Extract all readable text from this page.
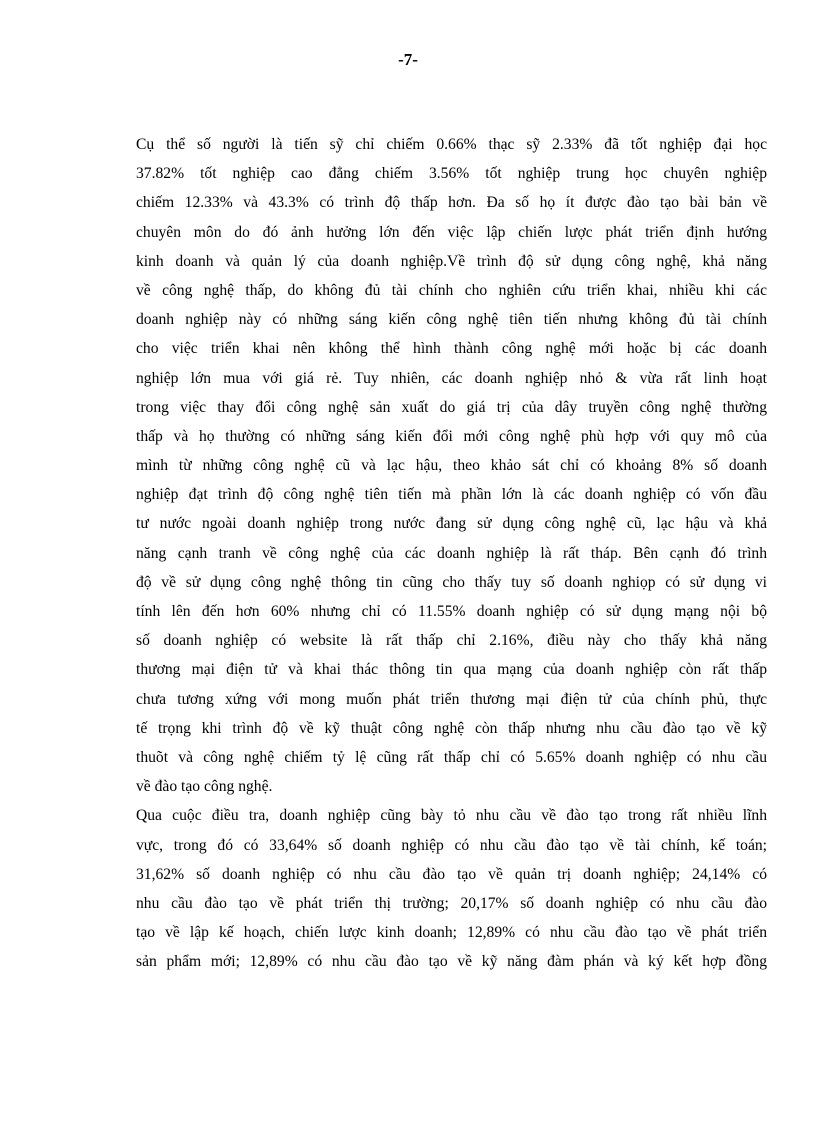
-7-
Cụ thể số người là tiến sỹ chỉ chiếm 0.66% thạc sỹ 2.33% đã tốt nghiệp đại học
37.82% tốt nghiệp cao đẳng chiếm 3.56% tốt nghiệp trung học chuyên nghiệp
chiếm 12.33% và 43.3% có trình độ thấp hơn. Đa số họ ít được đào tạo bài bản về
chuyên môn do đó ảnh hưởng lớn đến việc lập chiến lược phát triển định hướng
kinh doanh và quản lý của doanh nghiệp.Về trình độ sử dụng công nghệ, khả năng
về công nghệ thấp, do không đủ tài chính cho nghiên cứu triển khai, nhiều khi các
doanh nghiệp này có những sáng kiến công nghệ tiên tiến nhưng không đủ tài chính
cho việc triển khai nên không thể hình thành công nghệ mới hoặc bị các doanh
nghiệp lớn mua với giá rẻ. Tuy nhiên, các doanh nghiệp nhỏ & vừa rất linh hoạt
trong việc thay đổi công nghệ sản xuất do giá trị của dây truyền công nghệ thường
thấp và họ thường có những sáng kiến đổi mới công nghệ phù hợp với quy mô của
mình từ những công nghệ cũ và lạc hậu, theo khảo sát chỉ có khoảng 8% số doanh
nghiệp đạt trình độ công nghệ tiên tiến mà phần lớn là các doanh nghiệp có vốn đầu
tư nước ngoài doanh nghiệp trong nước đang sử dụng công nghệ cũ, lạc hậu và khả
năng cạnh tranh về công nghệ của các doanh nghiệp là rất tháp. Bên cạnh đó trình
độ về sử dụng công nghệ thông tin cũng cho thấy tuy số doanh nghiọp có sử dụng vi
tính lên đến hơn 60% nhưng chỉ có 11.55% doanh nghiệp có sử dụng mạng nội bộ
số doanh nghiệp có website là rất thấp chỉ 2.16%, điều này cho thấy khả năng
thương mại điện tử và khai thác thông tin qua mạng của doanh nghiệp còn rất thấp
chưa tương xứng với mong muốn phát triển thương mại điện tử của chính phủ, thực
tế trọng khi trình độ về kỹ thuật công nghệ còn thấp nhưng nhu cầu đào tạo về kỹ
thuõt và công nghệ chiếm tỷ lệ cũng rất thấp chỉ có 5.65% doanh nghiệp có nhu cầu
về đào tạo công nghệ.
Qua cuộc điều tra, doanh nghiệp cũng bày tỏ nhu cầu về đào tạo trong rất nhiều lĩnh
vực, trong đó có 33,64% số doanh nghiệp có nhu cầu đào tạo về tài chính, kế toán;
31,62% số doanh nghiệp có nhu cầu đào tạo về quản trị doanh nghiệp; 24,14% có
nhu cầu đào tạo về phát triển thị trường; 20,17% số doanh nghiệp có nhu cầu đào
tạo về lập kế hoạch, chiến lược kinh doanh; 12,89% có nhu cầu đào tạo về phát triển
sản phẩm mới; 12,89% có nhu cầu đào tạo về kỹ năng đàm phán và ký kết hợp đồng
